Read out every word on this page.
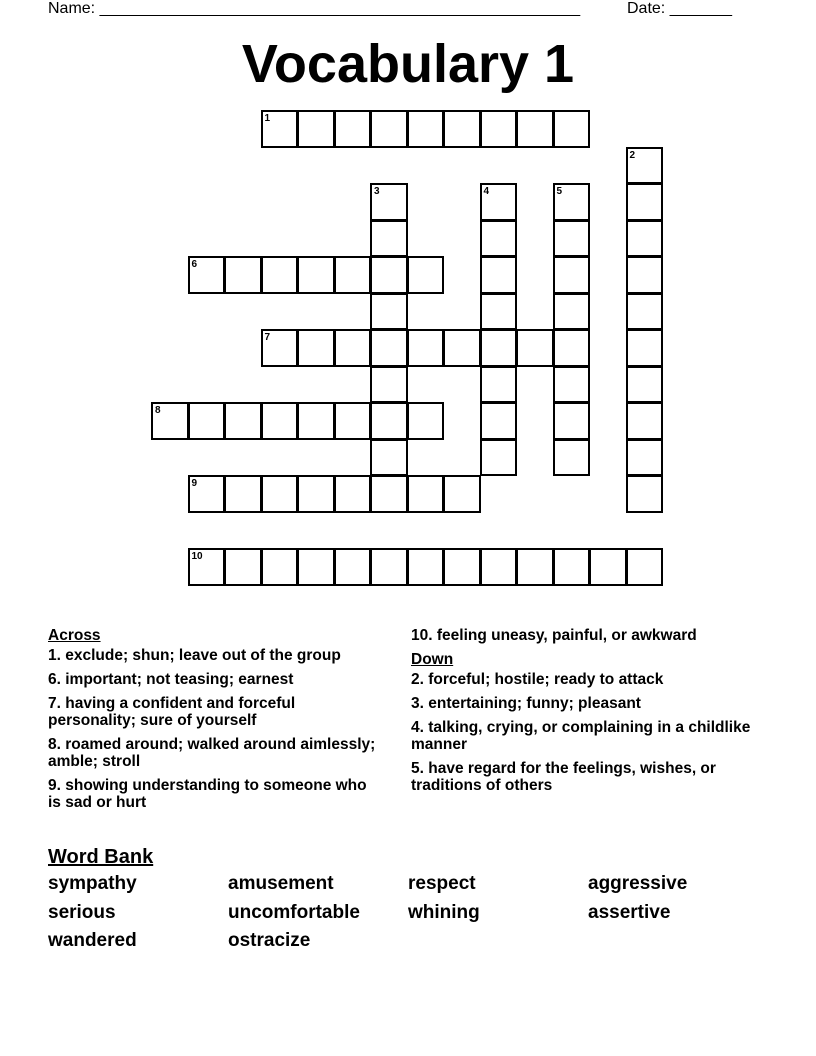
Name: ______________________________________________________	Date: _______
Vocabulary 1
1
2
3	4	5
6
7
8
9
10
Across
1. exclude; shun; leave out of the group
6. important; not teasing; earnest
7. having a confident and forceful personality; sure of yourself
8. roamed around; walked around aimlessly; amble; stroll
9. showing understanding to someone who is sad or hurt
10. feeling uneasy, painful, or awkward
Down
2. forceful; hostile; ready to attack
3. entertaining; funny; pleasant
4. talking, crying, or complaining in a childlike manner
5. have regard for the feelings, wishes, or traditions of others
Word Bank
sympathy	amusement	respect	aggressive
serious	uncomfortable	whining	assertive
wandered	ostracize
